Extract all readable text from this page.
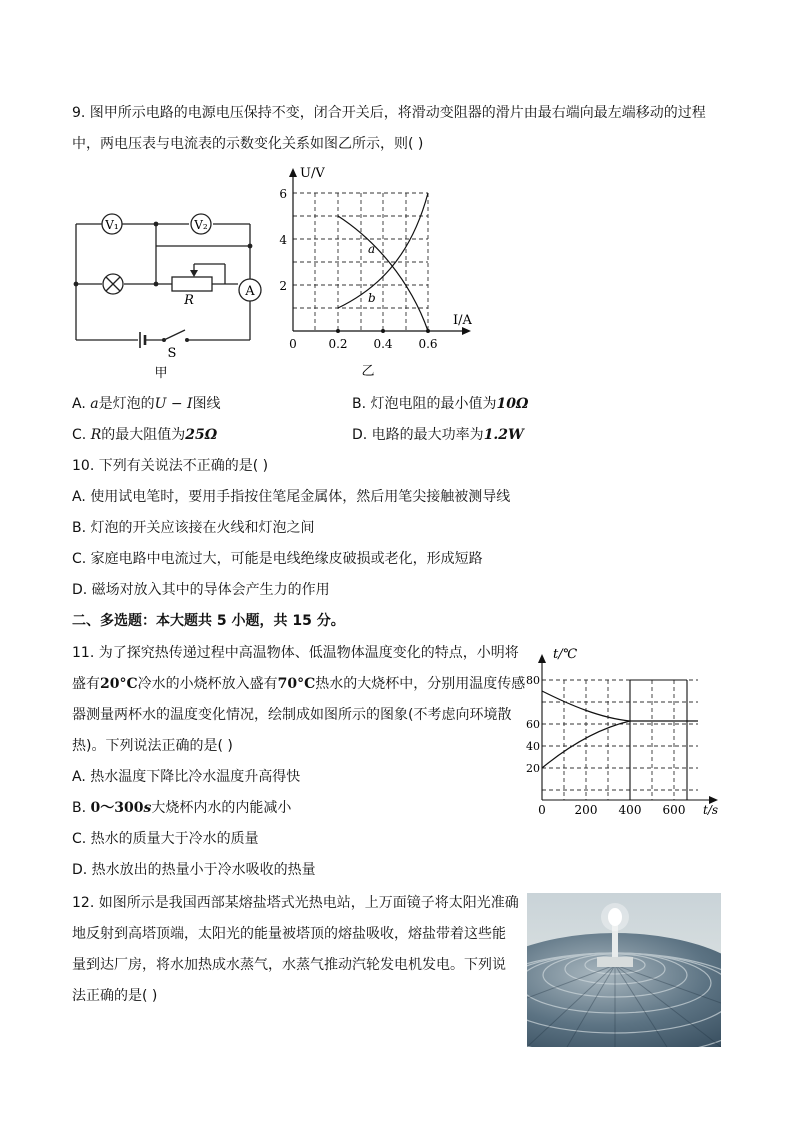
9. 图甲所示电路的电源电压保持不变，闭合开关后，将滑动变阻器的滑片由最右端向最左端移动的过程
中，两电压表与电流表的示数变化关系如图乙所示，则( )
V₁	V₂
A
R
S
甲
U/V
I/A
6
4
2
0	0.2 0.4 0.6
a
b
乙
A. a是灯泡的U − I图线	B. 灯泡电阻的最小值为10Ω
C. R的最大阻值为25Ω	D. 电路的最大功率为1.2W
10. 下列有关说法不正确的是( )
A. 使用试电笔时，要用手指按住笔尾金属体，然后用笔尖接触被测导线
B. 灯泡的开关应该接在火线和灯泡之间
C. 家庭电路中电流过大，可能是电线绝缘皮破损或老化，形成短路
D. 磁场对放入其中的导体会产生力的作用
二、多选题：本大题共 5 小题，共 15 分。
11. 为了探究热传递过程中高温物体、低温物体温度变化的特点，小明将
盛有20°C冷水的小烧杯放入盛有70°C热水的大烧杯中，分别用温度传感
器测量两杯水的温度变化情况，绘制成如图所示的图象(不考虑向环境散
热)。下列说法正确的是( )
A. 热水温度下降比冷水温度升高得快
B. 0～300s大烧杯内水的内能减小
C. 热水的质量大于冷水的质量
D. 热水放出的热量小于冷水吸收的热量
t/℃
t/s
80
60
40
20
0 200 400 600
12. 如图所示是我国西部某熔盐塔式光热电站，上万面镜子将太阳光准确
地反射到高塔顶端，太阳光的能量被塔顶的熔盐吸收，熔盐带着这些能
量到达厂房，将水加热成水蒸气，水蒸气推动汽轮发电机发电。下列说
法正确的是( )
